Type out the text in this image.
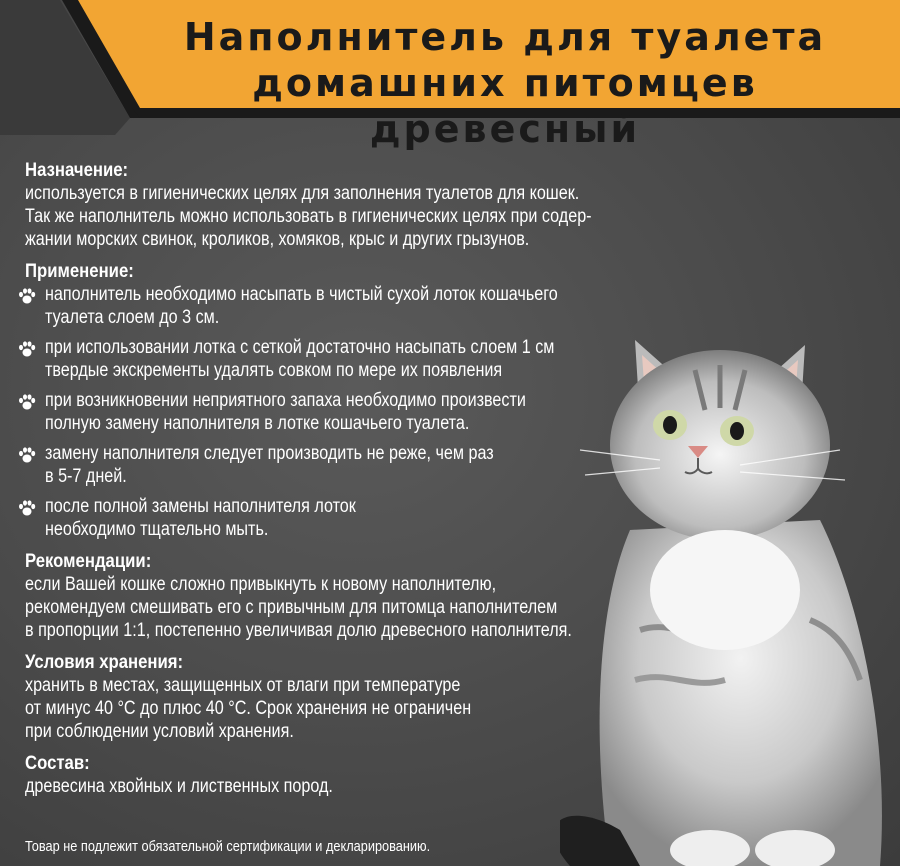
Наполнитель для туалета
домашних питомцев древесный
Назначение:
используется в гигиенических целях для заполнения туалетов для кошек.
Так же наполнитель можно использовать в гигиенических целях при содер-
жании морских свинок, кроликов, хомяков, крыс и других грызунов.
Применение:
наполнитель необходимо насыпать в чистый сухой лоток кошачьего
туалета слоем до 3 см.
при использовании лотка с сеткой достаточно насыпать слоем 1 см
твердые экскременты удалять совком по мере их появления
при возникновении неприятного запаха необходимо произвести
полную замену наполнителя в лотке кошачьего туалета.
замену наполнителя следует производить не реже, чем раз
в 5-7 дней.
после полной замены наполнителя лоток
необходимо тщательно мыть.
Рекомендации:
если Вашей кошке сложно привыкнуть к новому наполнителю,
рекомендуем смешивать его с привычным для питомца наполнителем
в пропорции 1:1, постепенно увеличивая долю древесного наполнителя.
Условия хранения:
хранить в местах, защищенных от влаги при температуре
от минус 40 °С до плюс 40 °С. Срок хранения не ограничен
при соблюдении условий хранения.
Состав:
древесина хвойных и лиственных пород.
Товар не подлежит обязательной сертификации и декларированию.
